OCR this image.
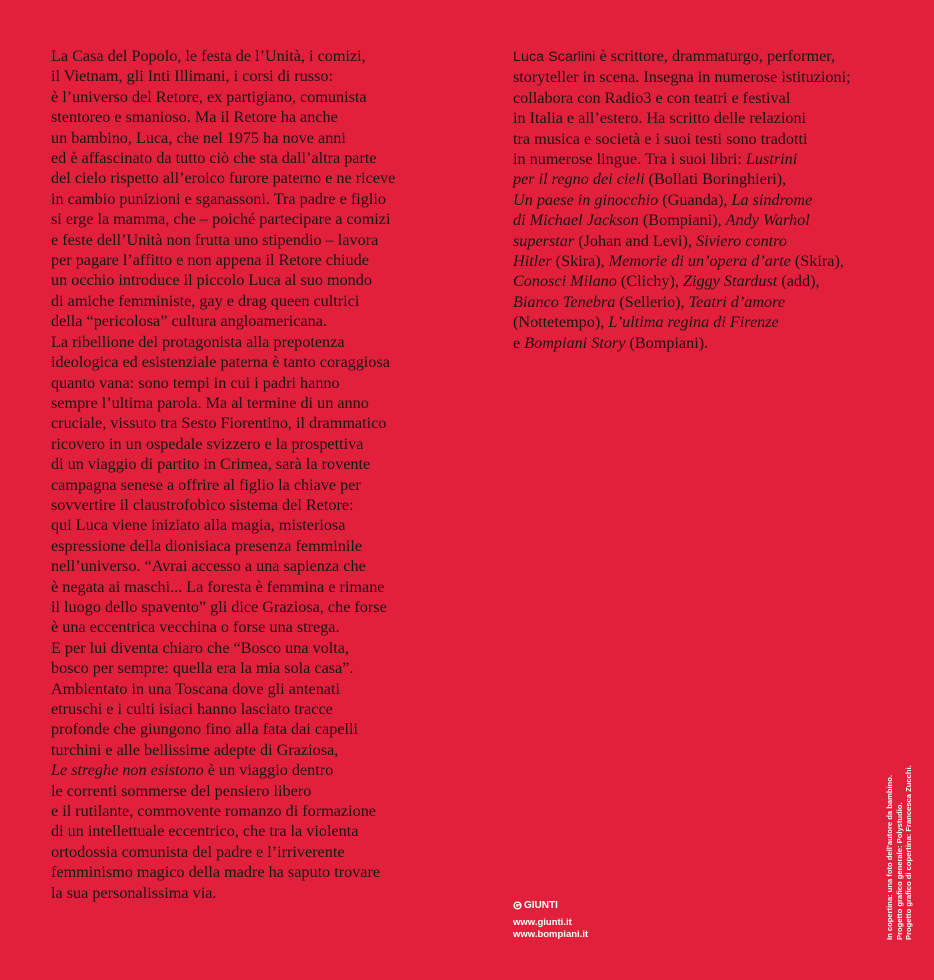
La Casa del Popolo, le festa de l’Unità, i comizi,
il Vietnam, gli Inti Illimani, i corsi di russo:
è l’universo del Retore, ex partigiano, comunista
stentoreo e smanioso. Ma il Retore ha anche
un bambino, Luca, che nel 1975 ha nove anni
ed è affascinato da tutto ciò che sta dall’altra parte
del cielo rispetto all’eroico furore paterno e ne riceve
in cambio punizioni e sganassoni. Tra padre e figlio
si erge la mamma, che – poiché partecipare a comizi
e feste dell’Unità non frutta uno stipendio – lavora
per pagare l’affitto e non appena il Retore chiude
un occhio introduce il piccolo Luca al suo mondo
di amiche femministe, gay e drag queen cultrici
della “pericolosa” cultura angloamericana.
La ribellione del protagonista alla prepotenza
ideologica ed esistenziale paterna è tanto coraggiosa
quanto vana: sono tempi in cui i padri hanno
sempre l’ultima parola. Ma al termine di un anno
cruciale, vissuto tra Sesto Fiorentino, il drammatico
ricovero in un ospedale svizzero e la prospettiva
di un viaggio di partito in Crimea, sarà la rovente
campagna senese a offrire al figlio la chiave per
sovvertire il claustrofobico sistema del Retore:
qui Luca viene iniziato alla magia, misteriosa
espressione della dionisiaca presenza femminile
nell’universo. “Avrai accesso a una sapienza che
è negata ai maschi... La foresta è femmina e rimane
il luogo dello spavento” gli dice Graziosa, che forse
è una eccentrica vecchina o forse una strega.
E per lui diventa chiaro che “Bosco una volta,
bosco per sempre: quella era la mia sola casa”.
Ambientato in una Toscana dove gli antenati
etruschi e i culti isiaci hanno lasciato tracce
profonde che giungono fino alla fata dai capelli
turchini e alle bellissime adepte di Graziosa,
Le streghe non esistono è un viaggio dentro
le correnti sommerse del pensiero libero
e il rutilante, commovente romanzo di formazione
di un intellettuale eccentrico, che tra la violenta
ortodossia comunista del padre e l’irriverente
femminismo magico della madre ha saputo trovare
la sua personalissima via.
Luca Scarlini è scrittore, drammaturgo, performer,
storyteller in scena. Insegna in numerose istituzioni;
collabora con Radio3 e con teatri e festival
in Italia e all’estero. Ha scritto delle relazioni
tra musica e società e i suoi testi sono tradotti
in numerose lingue. Tra i suoi libri: Lustrini
per il regno dei cieli (Bollati Boringhieri),
Un paese in ginocchio (Guanda), La sindrome
di Michael Jackson (Bompiani), Andy Warhol
superstar (Johan and Levi), Siviero contro
Hitler (Skira), Memorie di un’opera d’arte (Skira),
Conosci Milano (Clichy), Ziggy Stardust (add),
Bianco Tenebra (Sellerio), Teatri d’amore
(Nottetempo), L’ultima regina di Firenze
e Bompiani Story (Bompiani).
GIUNTI
www.giunti.it
www.bompiani.it	In copertina: una foto dell’autore da bambino. Progetto grafico generale: Polystudio. Progetto grafico di copertina: Francesca Zucchi.
